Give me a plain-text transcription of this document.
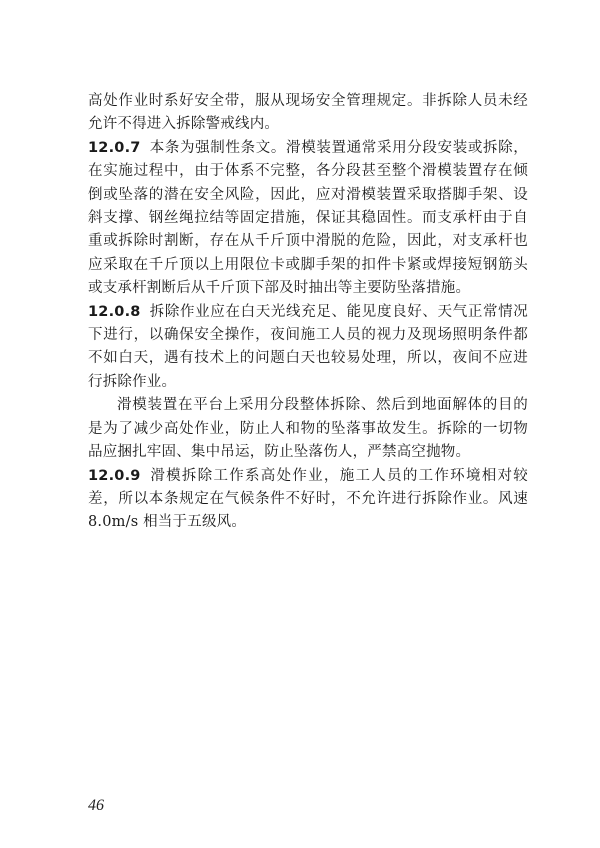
高处作业时系好安全带，服从现场安全管理规定。非拆除人员未经允许不得进入拆除警戒线内。

12.0.7 本条为强制性条文。滑模装置通常采用分段安装或拆除，在实施过程中，由于体系不完整，各分段甚至整个滑模装置存在倾倒或坠落的潜在安全风险，因此，应对滑模装置采取搭脚手架、设斜支撑、钢丝绳拉结等固定措施，保证其稳固性。而支承杆由于自重或拆除时割断，存在从千斤顶中滑脱的危险，因此，对支承杆也应采取在千斤顶以上用限位卡或脚手架的扣件卡紧或焊接短钢筋头或支承杆割断后从千斤顶下部及时抽出等主要防坠落措施。

12.0.8 拆除作业应在白天光线充足、能见度良好、天气正常情况下进行，以确保安全操作，夜间施工人员的视力及现场照明条件都不如白天，遇有技术上的问题白天也较易处理，所以，夜间不应进行拆除作业。

滑模装置在平台上采用分段整体拆除、然后到地面解体的目的是为了减少高处作业，防止人和物的坠落事故发生。拆除的一切物品应捆扎牢固、集中吊运，防止坠落伤人，严禁高空抛物。

12.0.9 滑模拆除工作系高处作业，施工人员的工作环境相对较差，所以本条规定在气候条件不好时，不允许进行拆除作业。风速 8.0m/s 相当于五级风。

46
